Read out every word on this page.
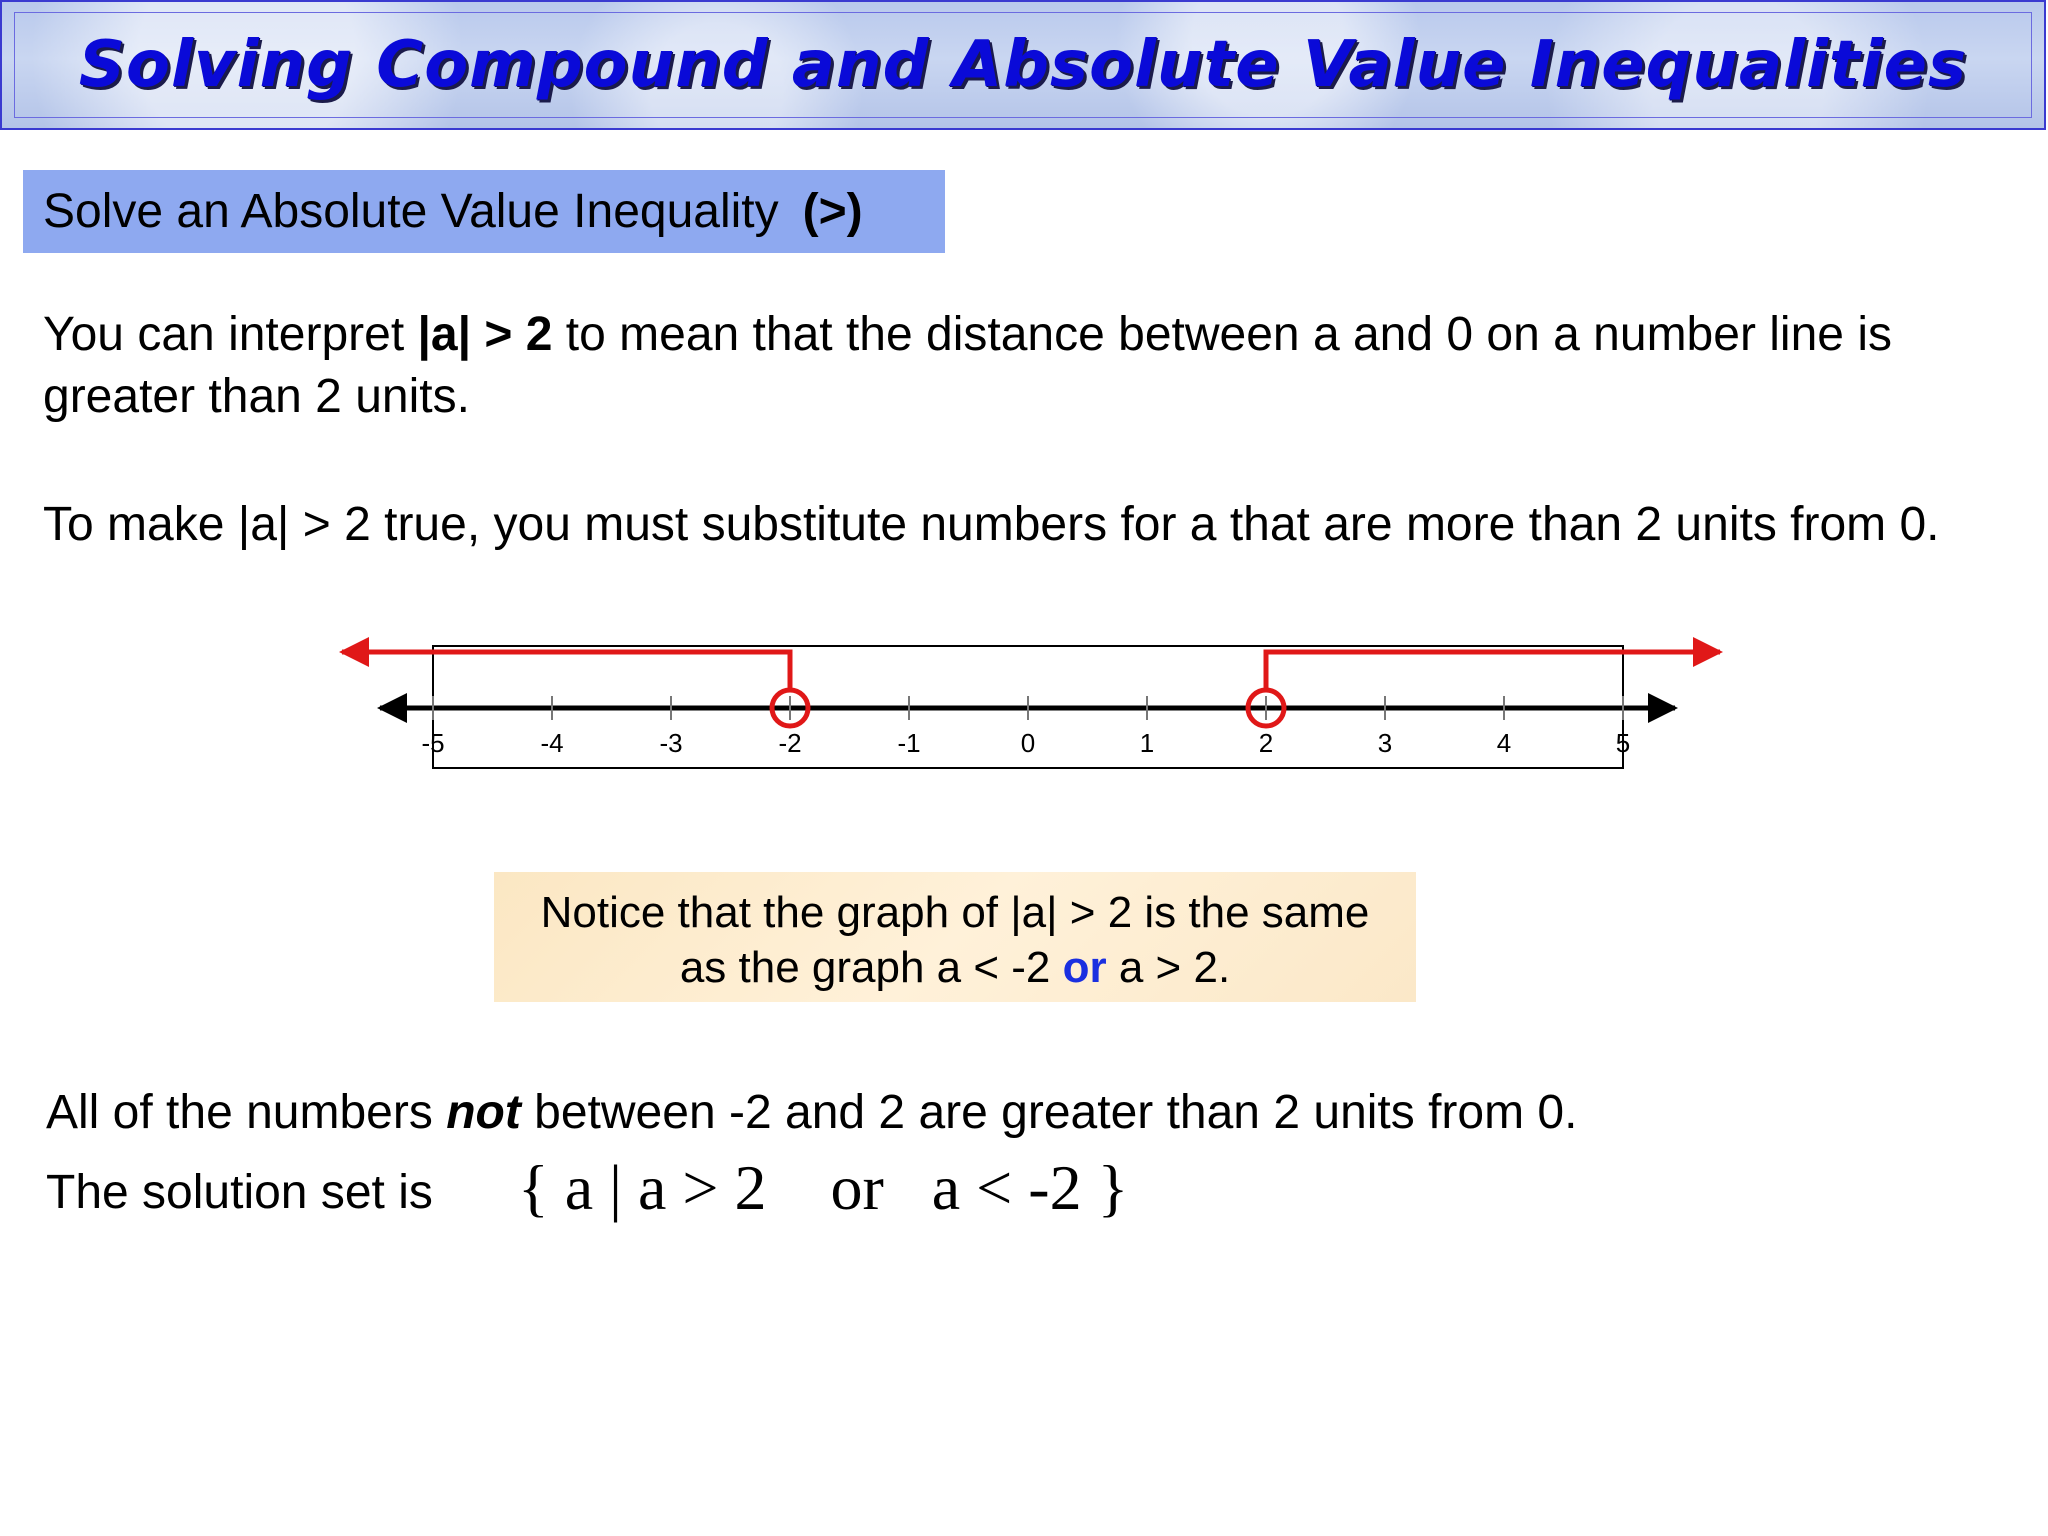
Solving Compound and Absolute Value Inequalities
Solve an Absolute Value Inequality (>)
You can interpret |a| > 2 to mean that the distance between a and 0 on a number line is greater than 2 units.
To make |a| > 2 true, you must substitute numbers for a that are more than 2 units from 0.
-5	-4	-3	-2	-1	0	1	2	3	4	5
Notice that the graph of |a| > 2 is the same
as the graph a < -2 or a > 2.
All of the numbers not between -2 and 2 are greater than 2 units from 0.
The solution set is { a | a > 2    or   a < -2 }
